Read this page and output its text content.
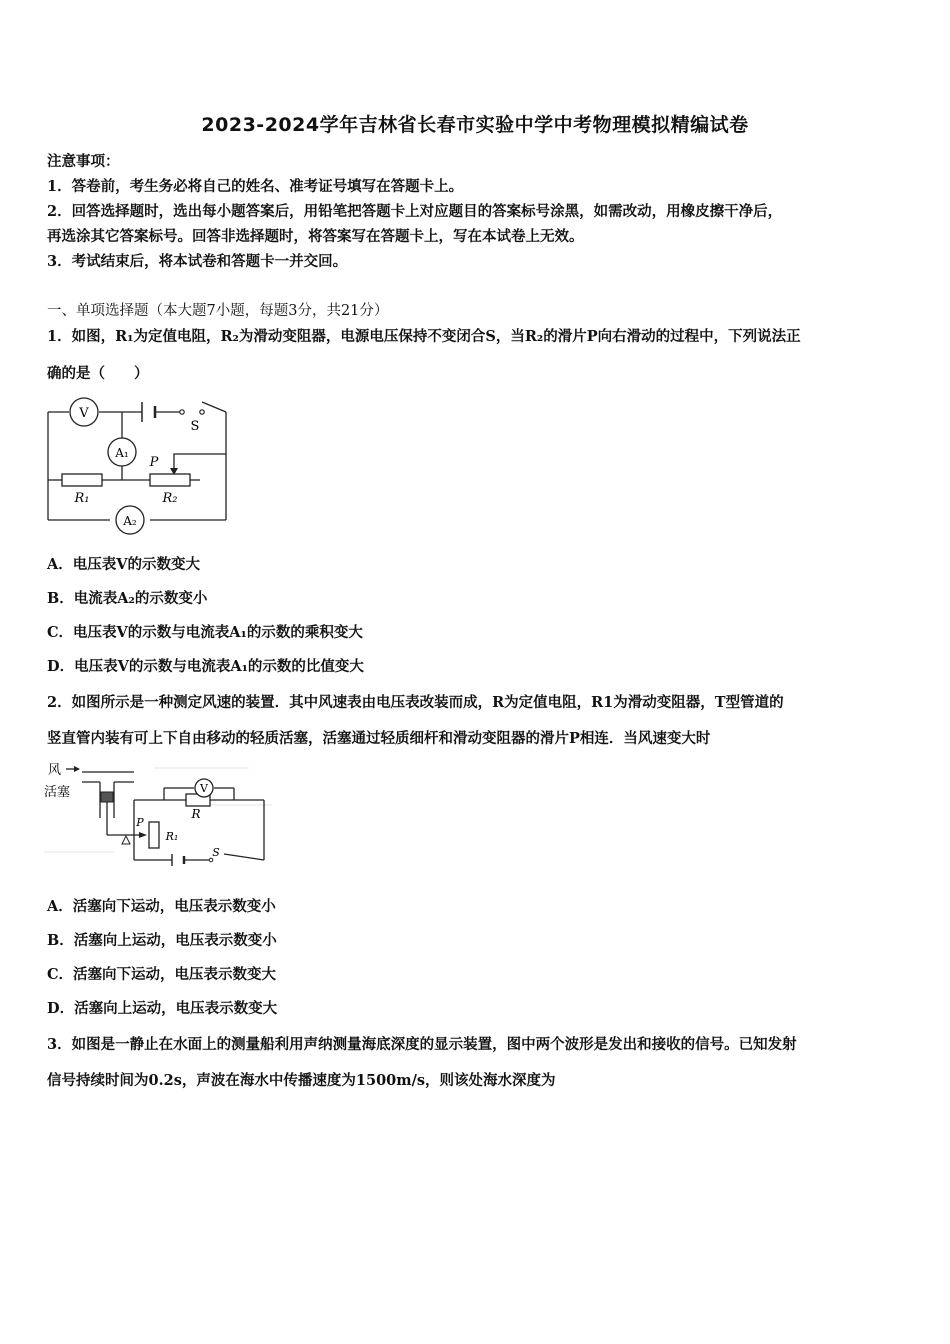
2023-2024学年吉林省长春市实验中学中考物理模拟精编试卷
注意事项：
1．答卷前，考生务必将自己的姓名、准考证号填写在答题卡上。
2．回答选择题时，选出每小题答案后，用铅笔把答题卡上对应题目的答案标号涂黑，如需改动，用橡皮擦干净后，
再选涂其它答案标号。回答非选择题时，将答案写在答题卡上，写在本试卷上无效。
3．考试结束后，将本试卷和答题卡一并交回。
一、单项选择题（本大题7小题，每题3分，共21分）
1．如图，R₁为定值电阻，R₂为滑动变阻器，电源电压保持不变闭合S，当R₂的滑片P向右滑动的过程中，下列说法正
确的是（　　）
V
A₁
A₂
S
P
R₁	R₂
A．电压表V的示数变大
B．电流表A₂的示数变小
C．电压表V的示数与电流表A₁的示数的乘积变大
D．电压表V的示数与电流表A₁的示数的比值变大
2．如图所示是一种测定风速的装置．其中风速表由电压表改装而成，R为定值电阻，R1为滑动变阻器，T型管道的
竖直管内装有可上下自由移动的轻质活塞，活塞通过轻质细杆和滑动变阻器的滑片P相连．当风速变大时
风
活塞	V
R
P
R₁
S
A．活塞向下运动，电压表示数变小
B．活塞向上运动，电压表示数变小
C．活塞向下运动，电压表示数变大
D．活塞向上运动，电压表示数变大
3．如图是一静止在水面上的测量船利用声纳测量海底深度的显示装置，图中两个波形是发出和接收的信号。已知发射
信号持续时间为0.2s，声波在海水中传播速度为1500m/s，则该处海水深度为
